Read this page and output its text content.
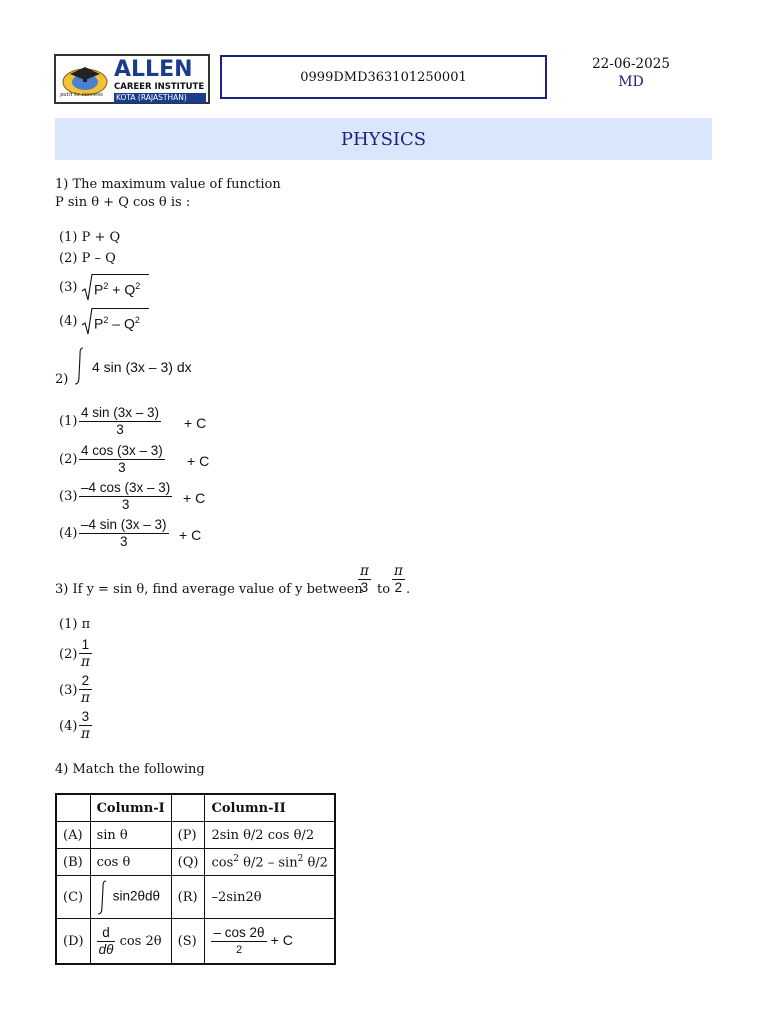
ALLEN
CAREER INSTITUTE
KOTA (RAJASTHAN)
path to success
0999DMD363101250001
22-06-2025
MD
PHYSICS
1) The maximum value of function
P sin θ + Q cos θ is :
(1) P + Q
(2) P – Q
(3) $P^2 + Q^2$
(4) $P^2 - Q^2$
2)
4 sin (3x – 3) dx
$(1) \frac{4 \sin (3x - 3)}{3} + C$
$(2) \frac{4 \cos (3x - 3)}{3} + C$
$(3) \frac{-4 \cos (3x - 3)}{3} + C$
$(4) \frac{-4 \sin (3x - 3)}{3} + C$
3) If y = sin θ, find average value of y between
$\frac{\pi}{3}$ to $\frac{\pi}{2}$ .
(1) π
$(2) \frac{1}{\pi}$
$(3) \frac{2}{\pi}$
$(4) \frac{3}{\pi}$
4) Match the following
	Column-I		Column-II
(A)	sin θ	(P)	2sin θ/2 cos θ/2
(B)	cos θ	(Q)	$\cos^2 \theta/2 - \sin^2 \theta/2$
(C)	sin2θdθ	(R)	–2sin2θ
(D)	$\frac{d}{d\theta}$ cos 2θ	(S)	$\frac{- \cos 2\theta}{2} + C$
